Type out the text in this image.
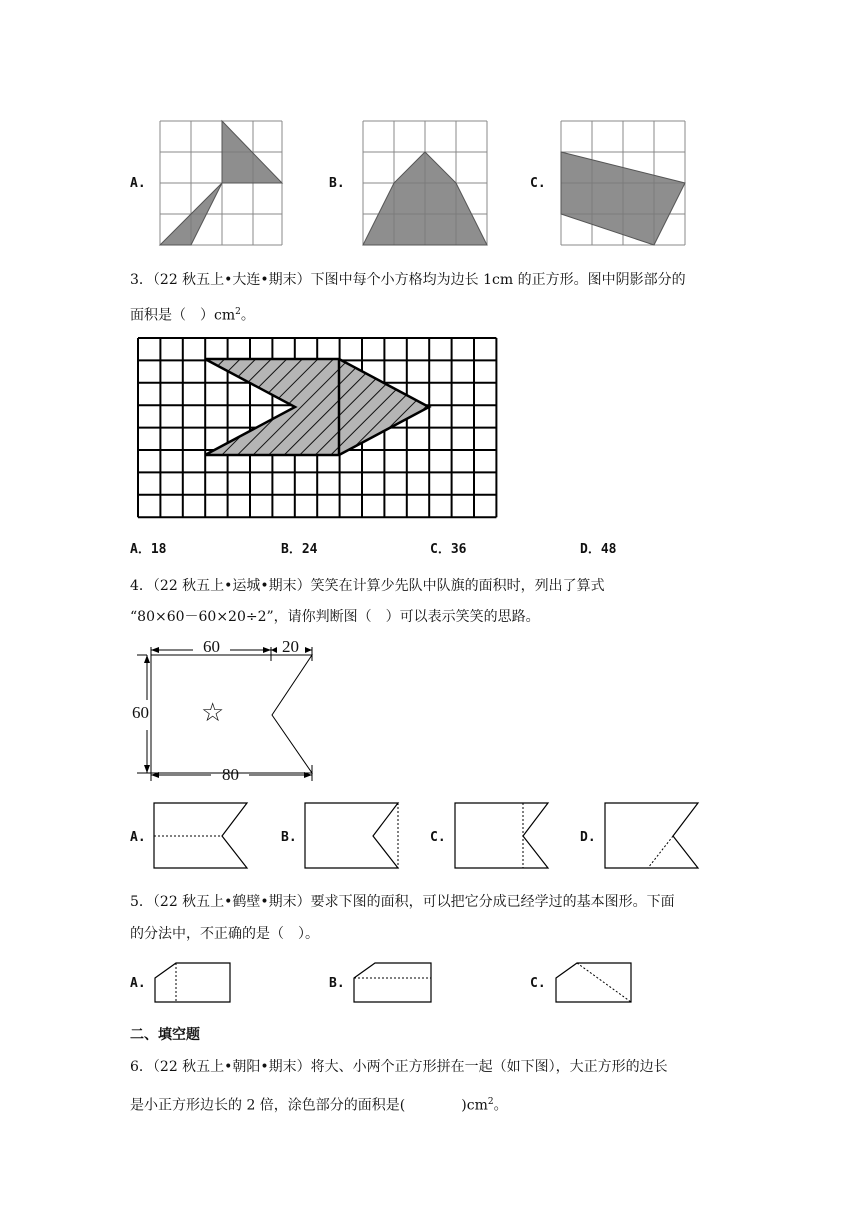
A.	B.	C.
3．（22 秋五上•大连•期末）下图中每个小方格均为边长 1cm 的正方形。图中阴影部分的
面积是（　）$cm^2$。
A．18	B．24	C．36	D．48
4．（22 秋五上•运城•期末）笑笑在计算少先队中队旗的面积时，列出了算式
“80×60－60×20÷2”，请你判断图（　）可以表示笑笑的思路。
60	20
60
80
☆
A.	B.	C.	D.
5．（22 秋五上•鹤壁•期末）要求下图的面积，可以把它分成已经学过的基本图形。下面
的分法中，不正确的是（　）。
A.	B.	C.
二、填空题
6．（22 秋五上•朝阳•期末）将大、小两个正方形拼在一起（如下图），大正方形的边长
是小正方形边长的 2 倍，涂色部分的面积是(　　　　)$cm^2$。
